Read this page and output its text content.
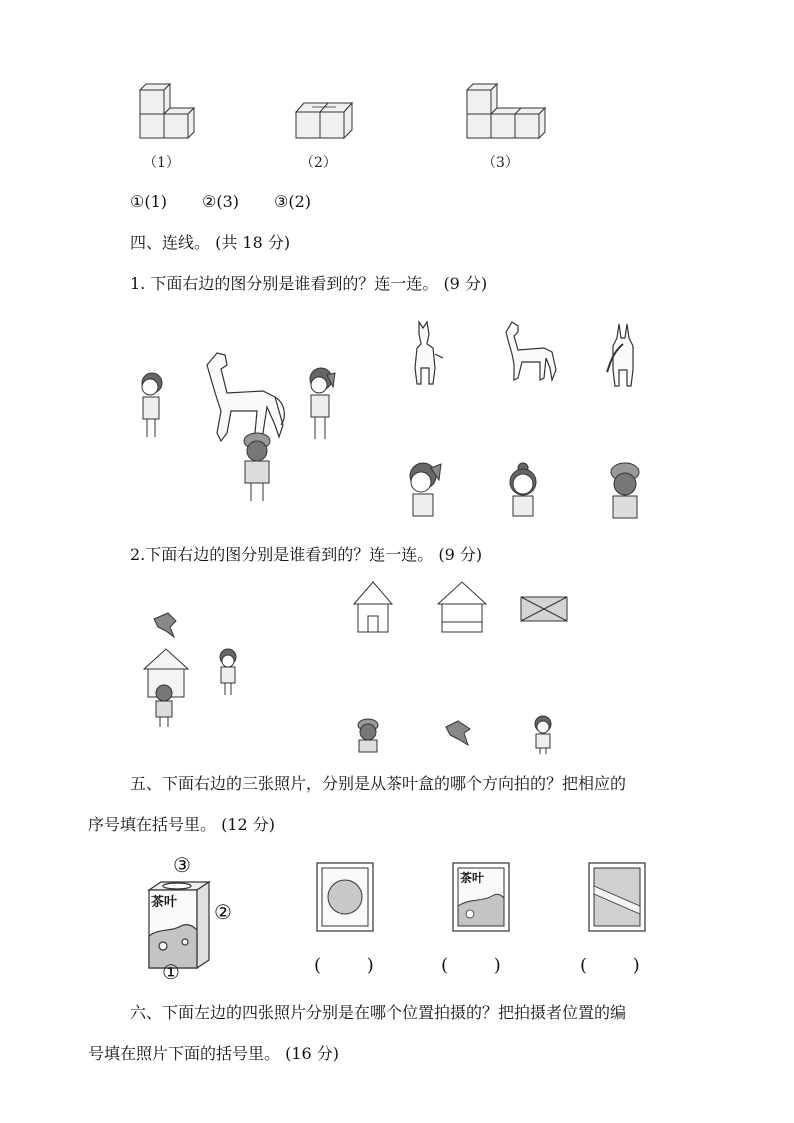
（1）	（2）	（3）
①(1) ②(3) ③(2)
四、连线。 (共 18 分)
1. 下面右边的图分别是谁看到的？连一连。 (9 分)
2.下面右边的图分别是谁看到的？连一连。 (9 分)
五、下面右边的三张照片，分别是从茶叶盒的哪个方向拍的？把相应的
序号填在括号里。 (12 分)
③
茶叶 ②
①
茶叶
(        )	(        )	(        )
六、下面左边的四张照片分别是在哪个位置拍摄的？把拍摄者位置的编
号填在照片下面的括号里。 (16 分)
